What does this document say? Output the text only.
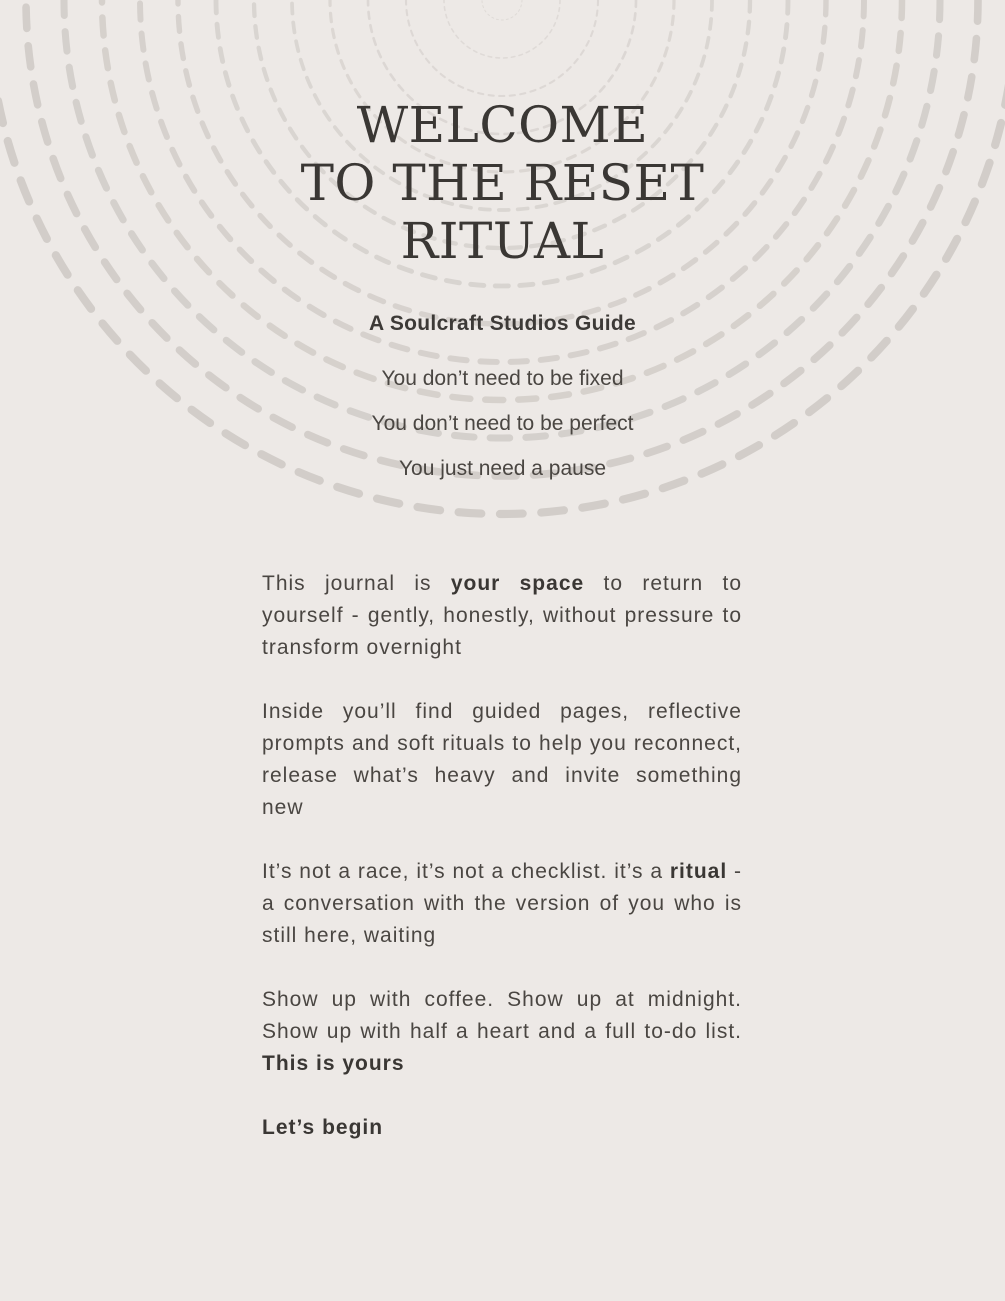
WELCOME
TO THE RESET
RITUAL

A Soulcraft Studios Guide

You don’t need to be fixed
You don’t need to be perfect
You just need a pause

This journal is your space to return to yourself - gently, honestly, without pressure to transform overnight

Inside you’ll find guided pages, reflective prompts and soft rituals to help you reconnect, release what’s heavy and invite something new

It’s not a race, it’s not a checklist. it’s a ritual - a conversation with the version of you who is still here, waiting

Show up with coffee. Show up at midnight. Show up with half a heart and a full to-do list. This is yours

Let’s begin
